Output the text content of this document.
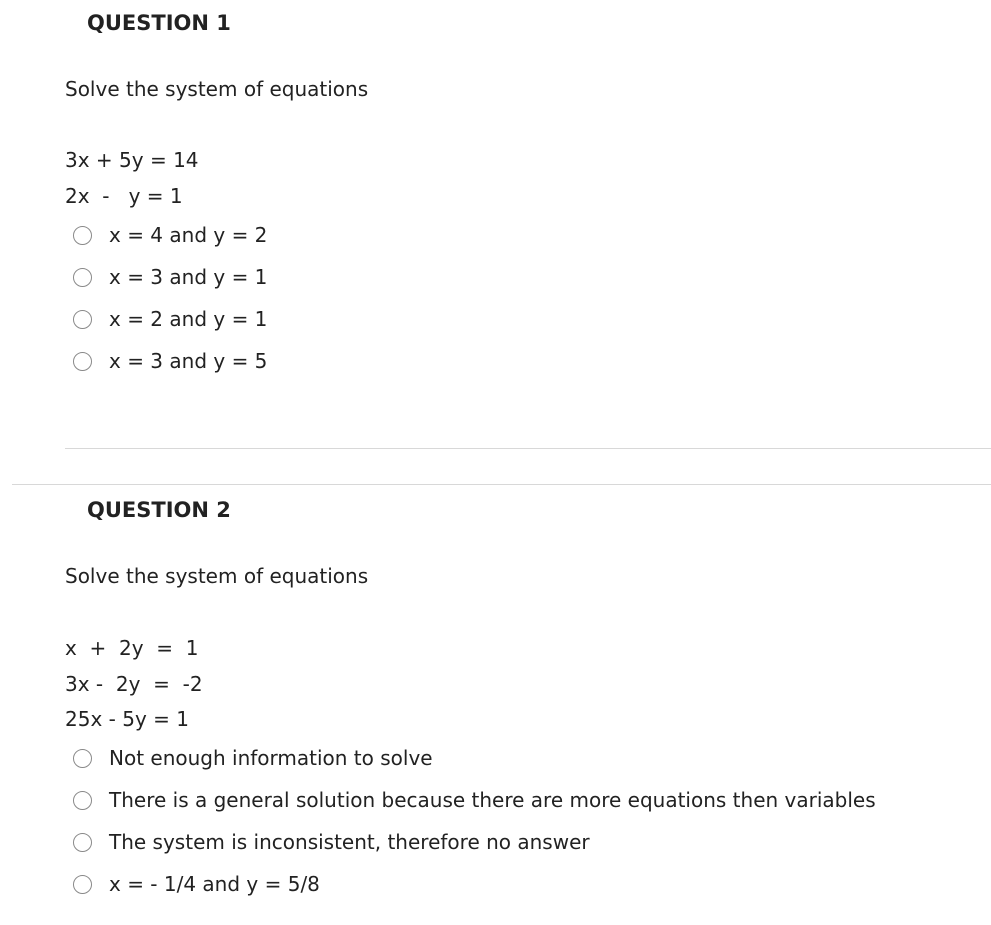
QUESTION 1
Solve the system of equations
3x + 5y = 14
2x  -   y = 1
x = 4 and y = 2
x = 3 and y = 1
x = 2 and y = 1
x = 3 and y = 5
QUESTION 2
Solve the system of equations
x  +  2y  =  1
3x -  2y  =  -2
25x - 5y = 1
Not enough information to solve
There is a general solution because there are more equations then variables
The system is inconsistent, therefore no answer
x = - 1/4 and y = 5/8
